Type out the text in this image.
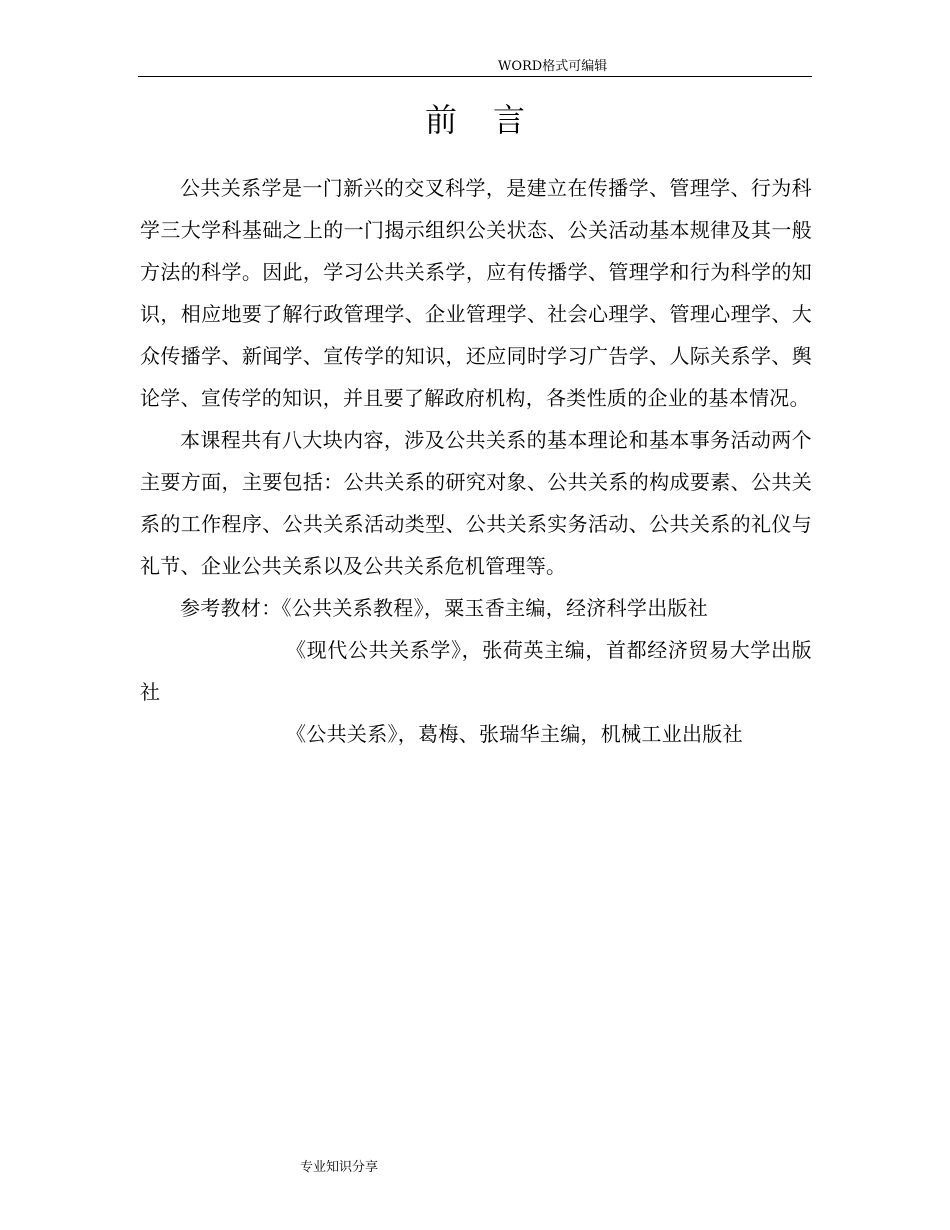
WORD格式可编辑
前言

公共关系学是一门新兴的交叉科学，是建立在传播学、管理学、行为科学三大学科基础之上的一门揭示组织公关状态、公关活动基本规律及其一般方法的科学。因此，学习公共关系学，应有传播学、管理学和行为科学的知识，相应地要了解行政管理学、企业管理学、社会心理学、管理心理学、大众传播学、新闻学、宣传学的知识，还应同时学习广告学、人际关系学、舆论学、宣传学的知识，并且要了解政府机构，各类性质的企业的基本情况。

本课程共有八大块内容，涉及公共关系的基本理论和基本事务活动两个主要方面，主要包括：公共关系的研究对象、公共关系的构成要素、公共关系的工作程序、公共关系活动类型、公共关系实务活动、公共关系的礼仪与礼节、企业公共关系以及公共关系危机管理等。

参考教材：《公共关系教程》，粟玉香主编，经济科学出版社

《现代公共关系学》，张荷英主编，首都经济贸易大学出版社

《公共关系》，葛梅、张瑞华主编，机械工业出版社

专业知识分享
